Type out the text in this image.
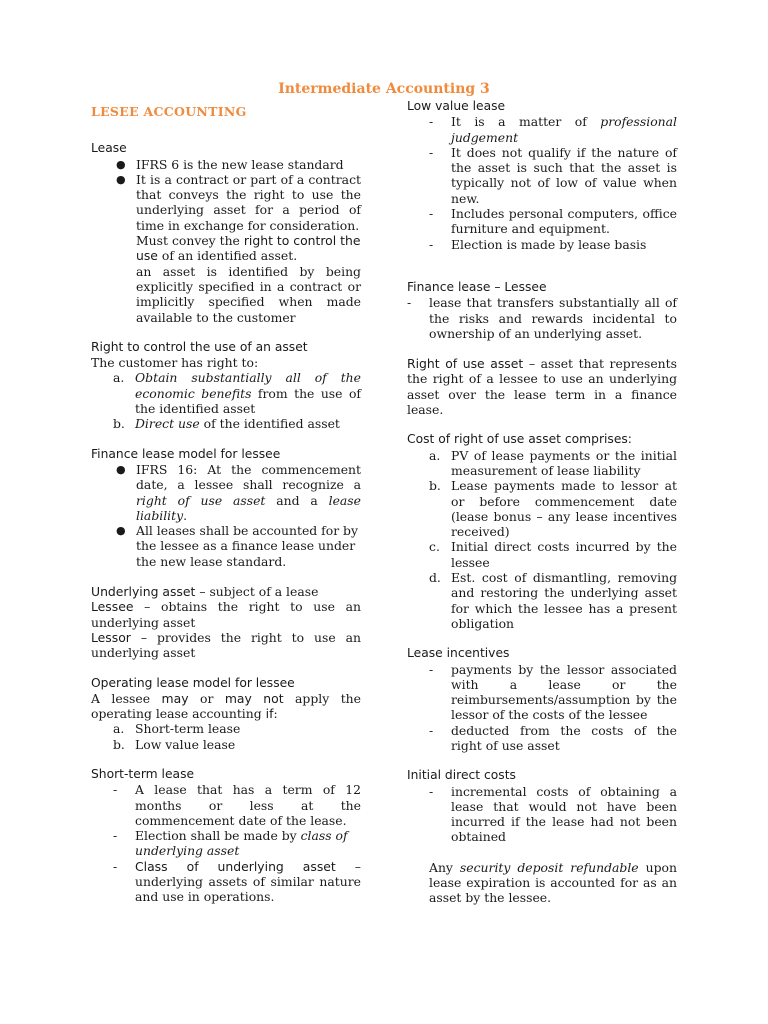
Intermediate Accounting 3
LESEE ACCOUNTING

Lease

● IFRS 6 is the new lease standard
● It is a contract or part of a contract that conveys the right to use the underlying asset for a period of time in exchange for consideration.

Must convey the right to control the use of an identified asset.

an asset is identified by being explicitly specified in a contract or implicitly specified when made available to the customer

Right to control the use of an asset

The customer has right to:

a. Obtain substantially all of the economic benefits from the use of the identified asset
b. Direct use of the identified asset

Finance lease model for lessee

● IFRS 16: At the commencement date, a lessee shall recognize a right of use asset and a lease liability.
● All leases shall be accounted for by the lessee as a finance lease under the new lease standard.

Underlying asset – subject of a lease

Lessee – obtains the right to use an underlying asset

Lessor – provides the right to use an underlying asset

Operating lease model for lessee

A lessee may or may not apply the operating lease accounting if:

a. Short-term lease
b. Low value lease

Short-term lease

-	A lease that has a term of 12 months or less at the commencement date of the lease.
-	Election shall be made by class of underlying asset
-	Class of underlying asset – underlying assets of similar nature and use in operations.

Low value lease

-	It is a matter of professional judgement
-	It does not qualify if the nature of the asset is such that the asset is typically not of low of value when new.
-	Includes personal computers, office furniture and equipment.
-	Election is made by lease basis

Finance lease – Lessee

-	lease that transfers substantially all of the risks and rewards incidental to ownership of an underlying asset.

Right of use asset – asset that represents the right of a lessee to use an underlying asset over the lease term in a finance lease.

Cost of right of use asset comprises:

a. PV of lease payments or the initial measurement of lease liability
b. Lease payments made to lessor at or before commencement date (lease bonus – any lease incentives received)
c. Initial direct costs incurred by the lessee
d. Est. cost of dismantling, removing and restoring the underlying asset for which the lessee has a present obligation

Lease incentives

-	payments by the lessor associated with a lease or the reimbursements/assumption by the lessor of the costs of the lessee
-	deducted from the costs of the right of use asset

Initial direct costs

-	incremental costs of obtaining a lease that would not have been incurred if the lease had not been obtained

Any security deposit refundable upon lease expiration is accounted for as an asset by the lessee.
